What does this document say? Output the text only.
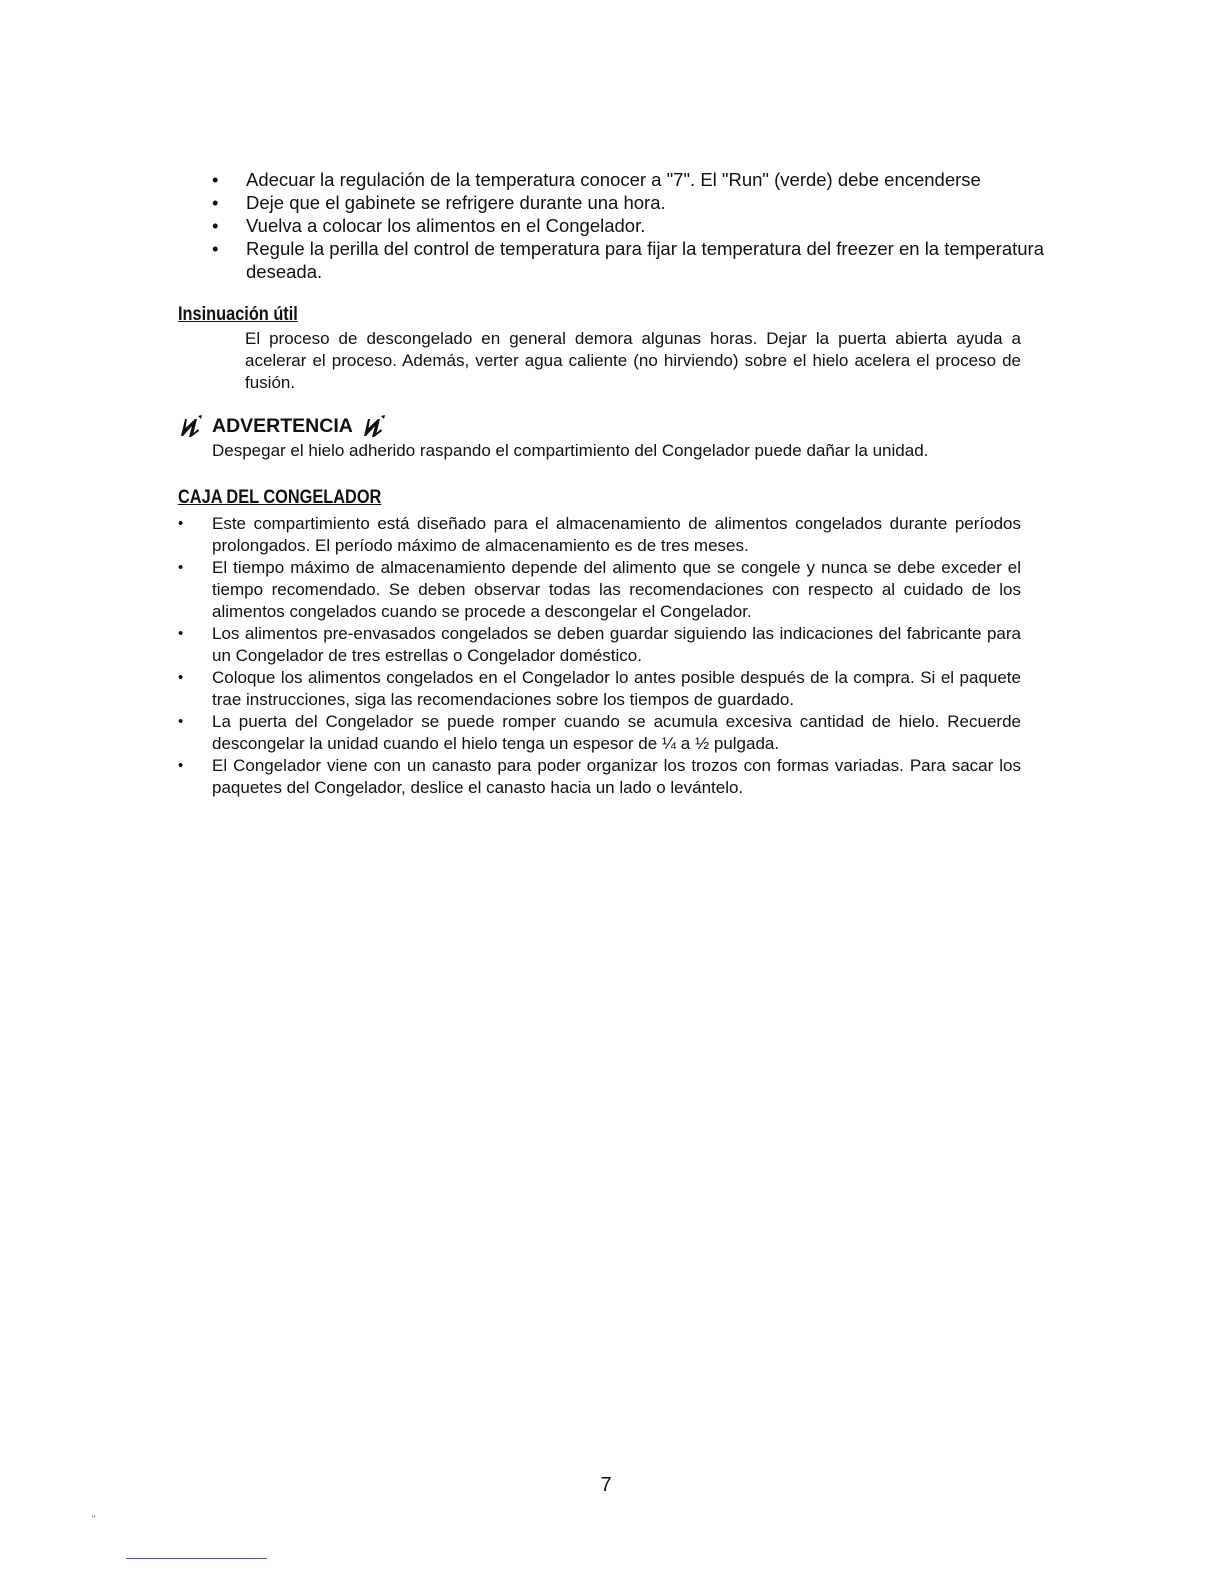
• Adecuar la regulación de la temperatura conocer a "7". El "Run" (verde) debe encenderse
• Deje que el gabinete se refrigere durante una hora.
• Vuelva a colocar los alimentos en el Congelador.
• Regule la perilla del control de temperatura para fijar la temperatura del freezer en la temperatura deseada.
Insinuación útil
El proceso de descongelado en general demora algunas horas. Dejar la puerta abierta ayuda a acelerar el proceso. Además, verter agua caliente (no hirviendo) sobre el hielo acelera el proceso de fusión.
ADVERTENCIA
Despegar el hielo adherido raspando el compartimiento del Congelador puede dañar la unidad.
CAJA DEL CONGELADOR
• Este compartimiento está diseñado para el almacenamiento de alimentos congelados durante períodos prolongados. El período máximo de almacenamiento es de tres meses.
• El tiempo máximo de almacenamiento depende del alimento que se congele y nunca se debe exceder el tiempo recomendado. Se deben observar todas las recomendaciones con respecto al cuidado de los alimentos congelados cuando se procede a descongelar el Congelador.
• Los alimentos pre-envasados congelados se deben guardar siguiendo las indicaciones del fabricante para un Congelador de tres estrellas o Congelador doméstico.
• Coloque los alimentos congelados en el Congelador lo antes posible después de la compra. Si el paquete trae instrucciones, siga las recomendaciones sobre los tiempos de guardado.
• La puerta del Congelador se puede romper cuando se acumula excesiva cantidad de hielo. Recuerde descongelar la unidad cuando el hielo tenga un espesor de ¼ a ½ pulgada.
• El Congelador viene con un canasto para poder organizar los trozos con formas variadas. Para sacar los paquetes del Congelador, deslice el canasto hacia un lado o levántelo.
7
"
